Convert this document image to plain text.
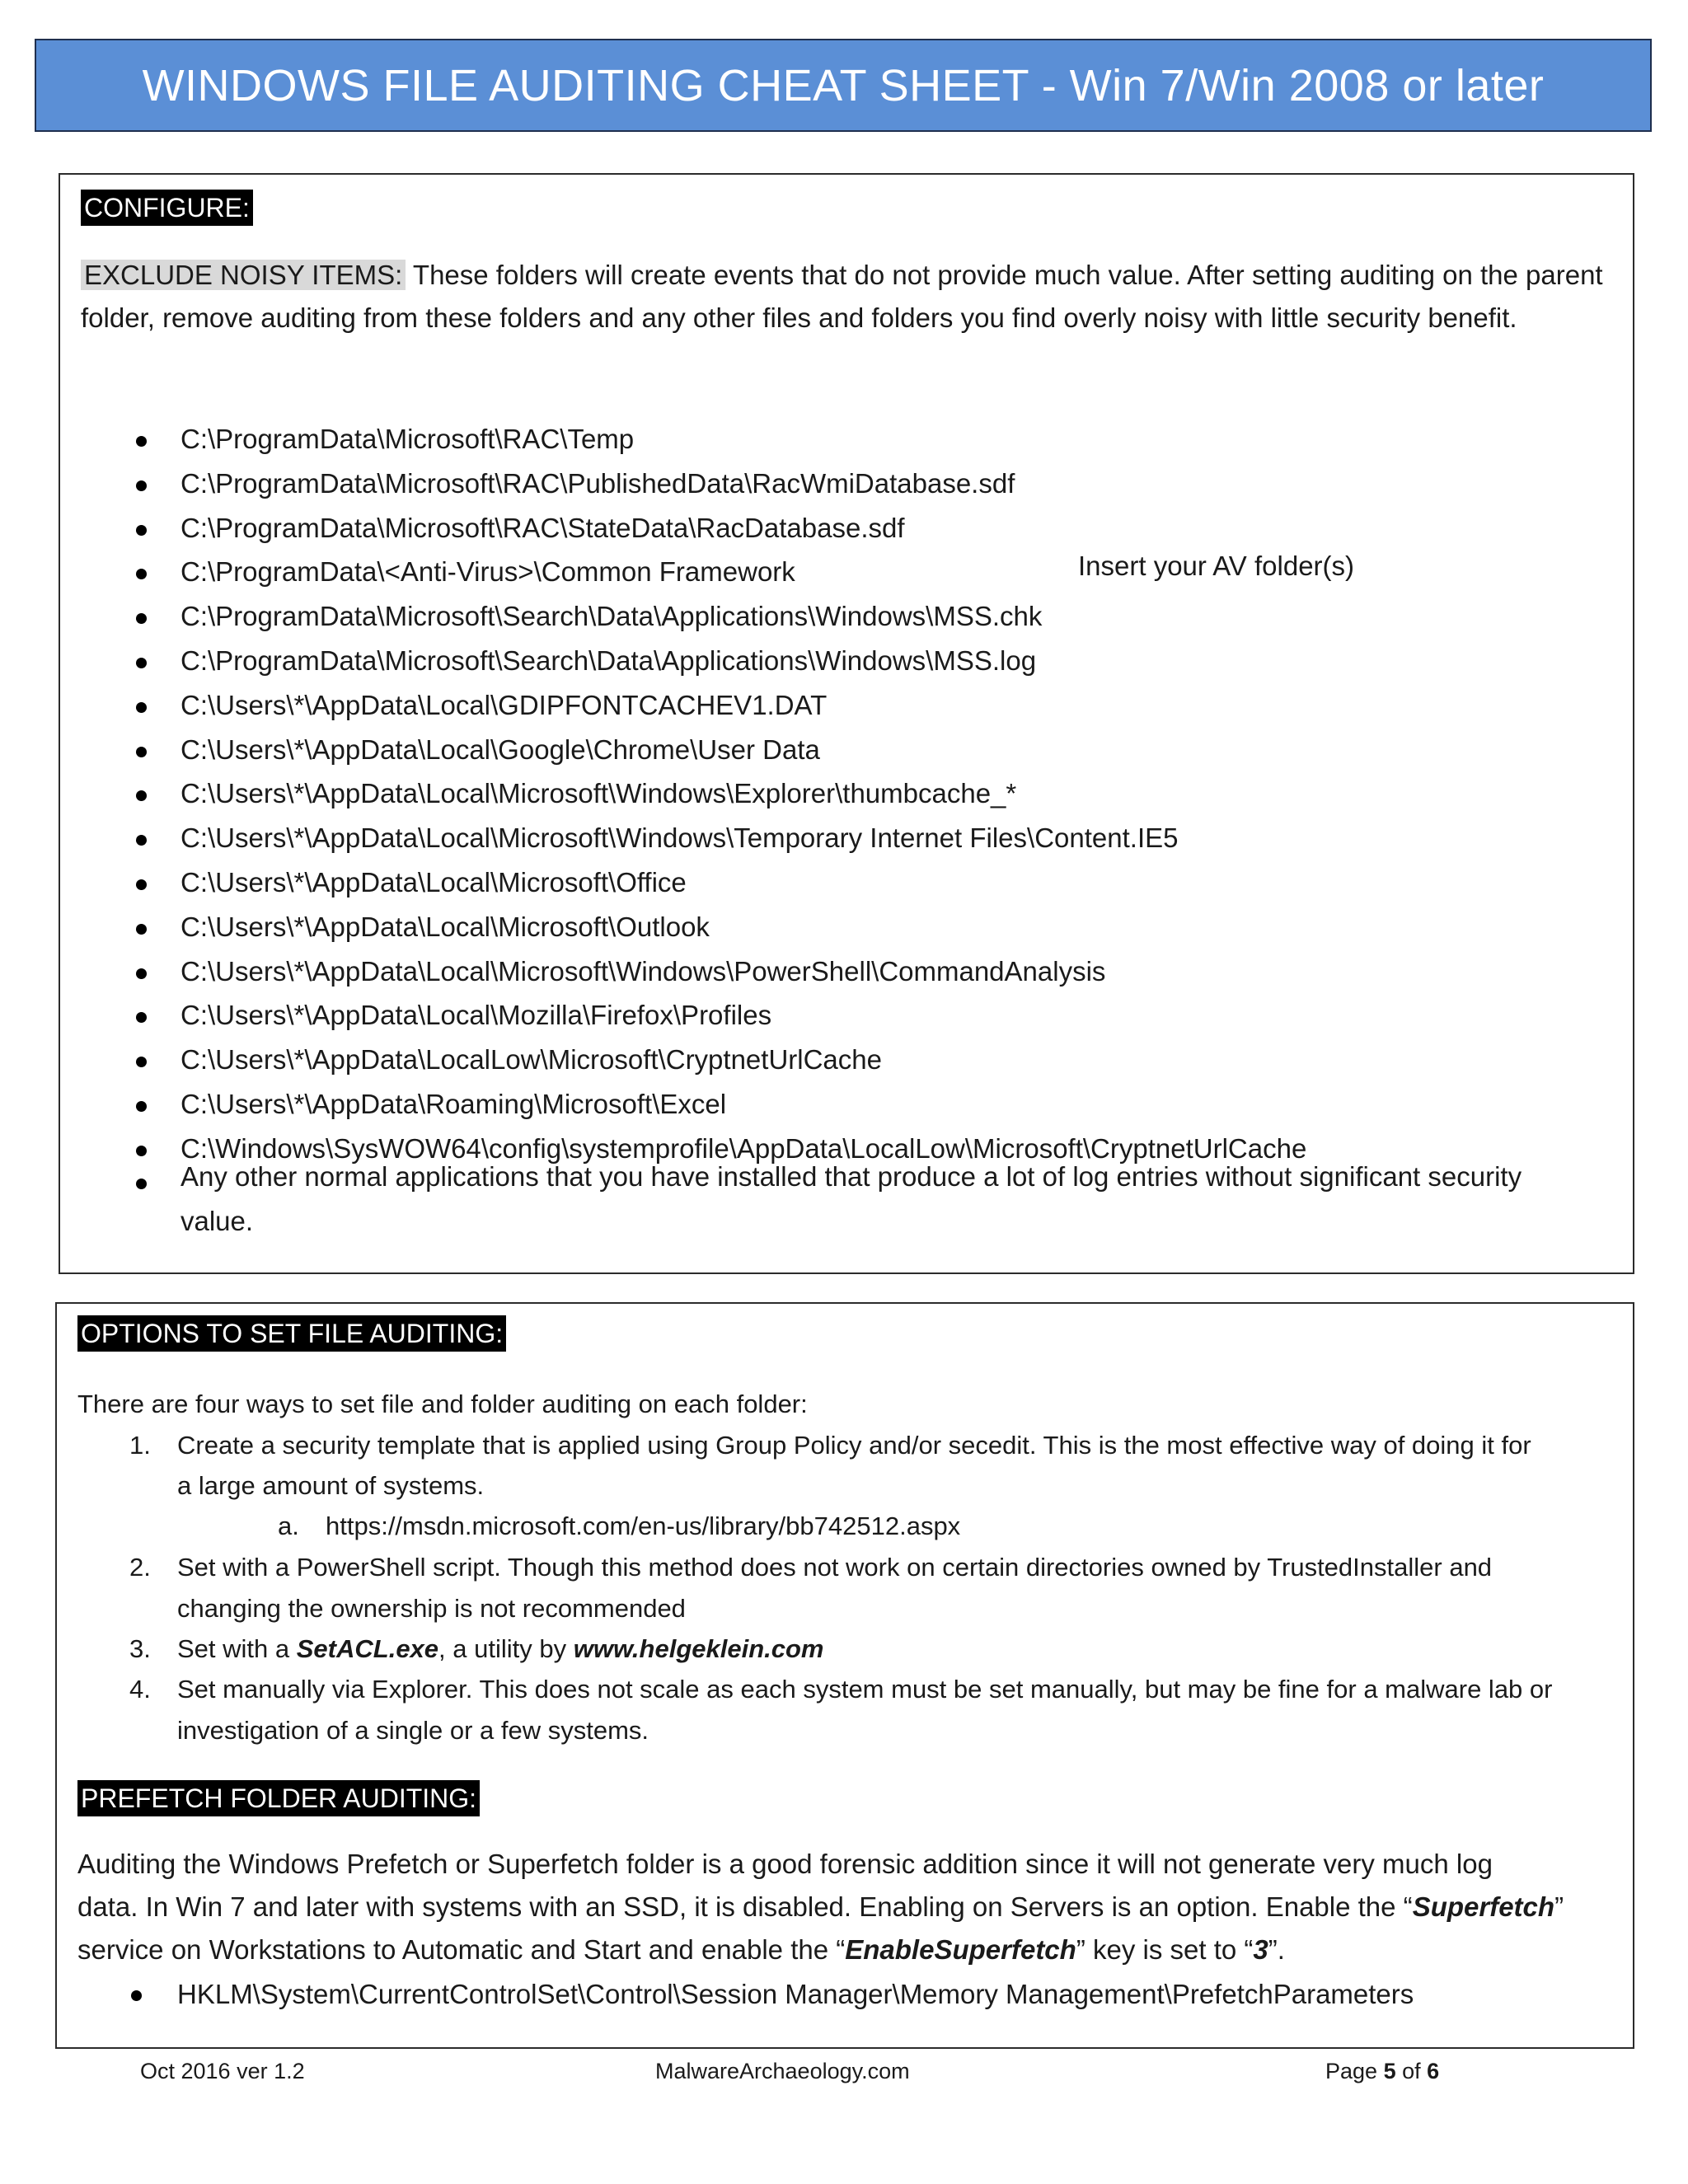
WINDOWS FILE AUDITING CHEAT SHEET - Win 7/Win 2008 or later
CONFIGURE:

EXCLUDE NOISY ITEMS: These folders will create events that do not provide much value. After setting auditing on the parent folder, remove auditing from these folders and any other files and folders you find overly noisy with little security benefit.

C:\ProgramData\Microsoft\RAC\Temp
C:\ProgramData\Microsoft\RAC\PublishedData\RacWmiDatabase.sdf
C:\ProgramData\Microsoft\RAC\StateData\RacDatabase.sdf
C:\ProgramData\<Anti-Virus>\Common Framework
C:\ProgramData\Microsoft\Search\Data\Applications\Windows\MSS.chk
C:\ProgramData\Microsoft\Search\Data\Applications\Windows\MSS.log
C:\Users\*\AppData\Local\GDIPFONTCACHEV1.DAT
C:\Users\*\AppData\Local\Google\Chrome\User Data
C:\Users\*\AppData\Local\Microsoft\Windows\Explorer\thumbcache_*
C:\Users\*\AppData\Local\Microsoft\Windows\Temporary Internet Files\Content.IE5
C:\Users\*\AppData\Local\Microsoft\Office
C:\Users\*\AppData\Local\Microsoft\Outlook
C:\Users\*\AppData\Local\Microsoft\Windows\PowerShell\CommandAnalysis
C:\Users\*\AppData\Local\Mozilla\Firefox\Profiles
C:\Users\*\AppData\LocalLow\Microsoft\CryptnetUrlCache
C:\Users\*\AppData\Roaming\Microsoft\Excel
C:\Windows\SysWOW64\config\systemprofile\AppData\LocalLow\Microsoft\CryptnetUrlCache
Insert your AV folder(s)
Any other normal applications that you have installed that produce a lot of log entries without significant security
value.
OPTIONS TO SET FILE AUDITING:
There are four ways to set file and folder auditing on each folder:
1. Create a security template that is applied using Group Policy and/or secedit. This is the most effective way of doing it for
a large amount of systems.
a. https://msdn.microsoft.com/en-us/library/bb742512.aspx
2. Set with a PowerShell script. Though this method does not work on certain directories owned by TrustedInstaller and
changing the ownership is not recommended
3. Set with a SetACL.exe, a utility by www.helgeklein.com
4. Set manually via Explorer. This does not scale as each system must be set manually, but may be fine for a malware lab or
investigation of a single or a few systems.
PREFETCH FOLDER AUDITING:
Auditing the Windows Prefetch or Superfetch folder is a good forensic addition since it will not generate very much log
data. In Win 7 and later with systems with an SSD, it is disabled. Enabling on Servers is an option. Enable the “Superfetch”
service on Workstations to Automatic and Start and enable the “EnableSuperfetch” key is set to “3”.
HKLM\System\CurrentControlSet\Control\Session Manager\Memory Management\PrefetchParameters
Oct 2016 ver 1.2	MalwareArchaeology.com	Page 5 of 6
